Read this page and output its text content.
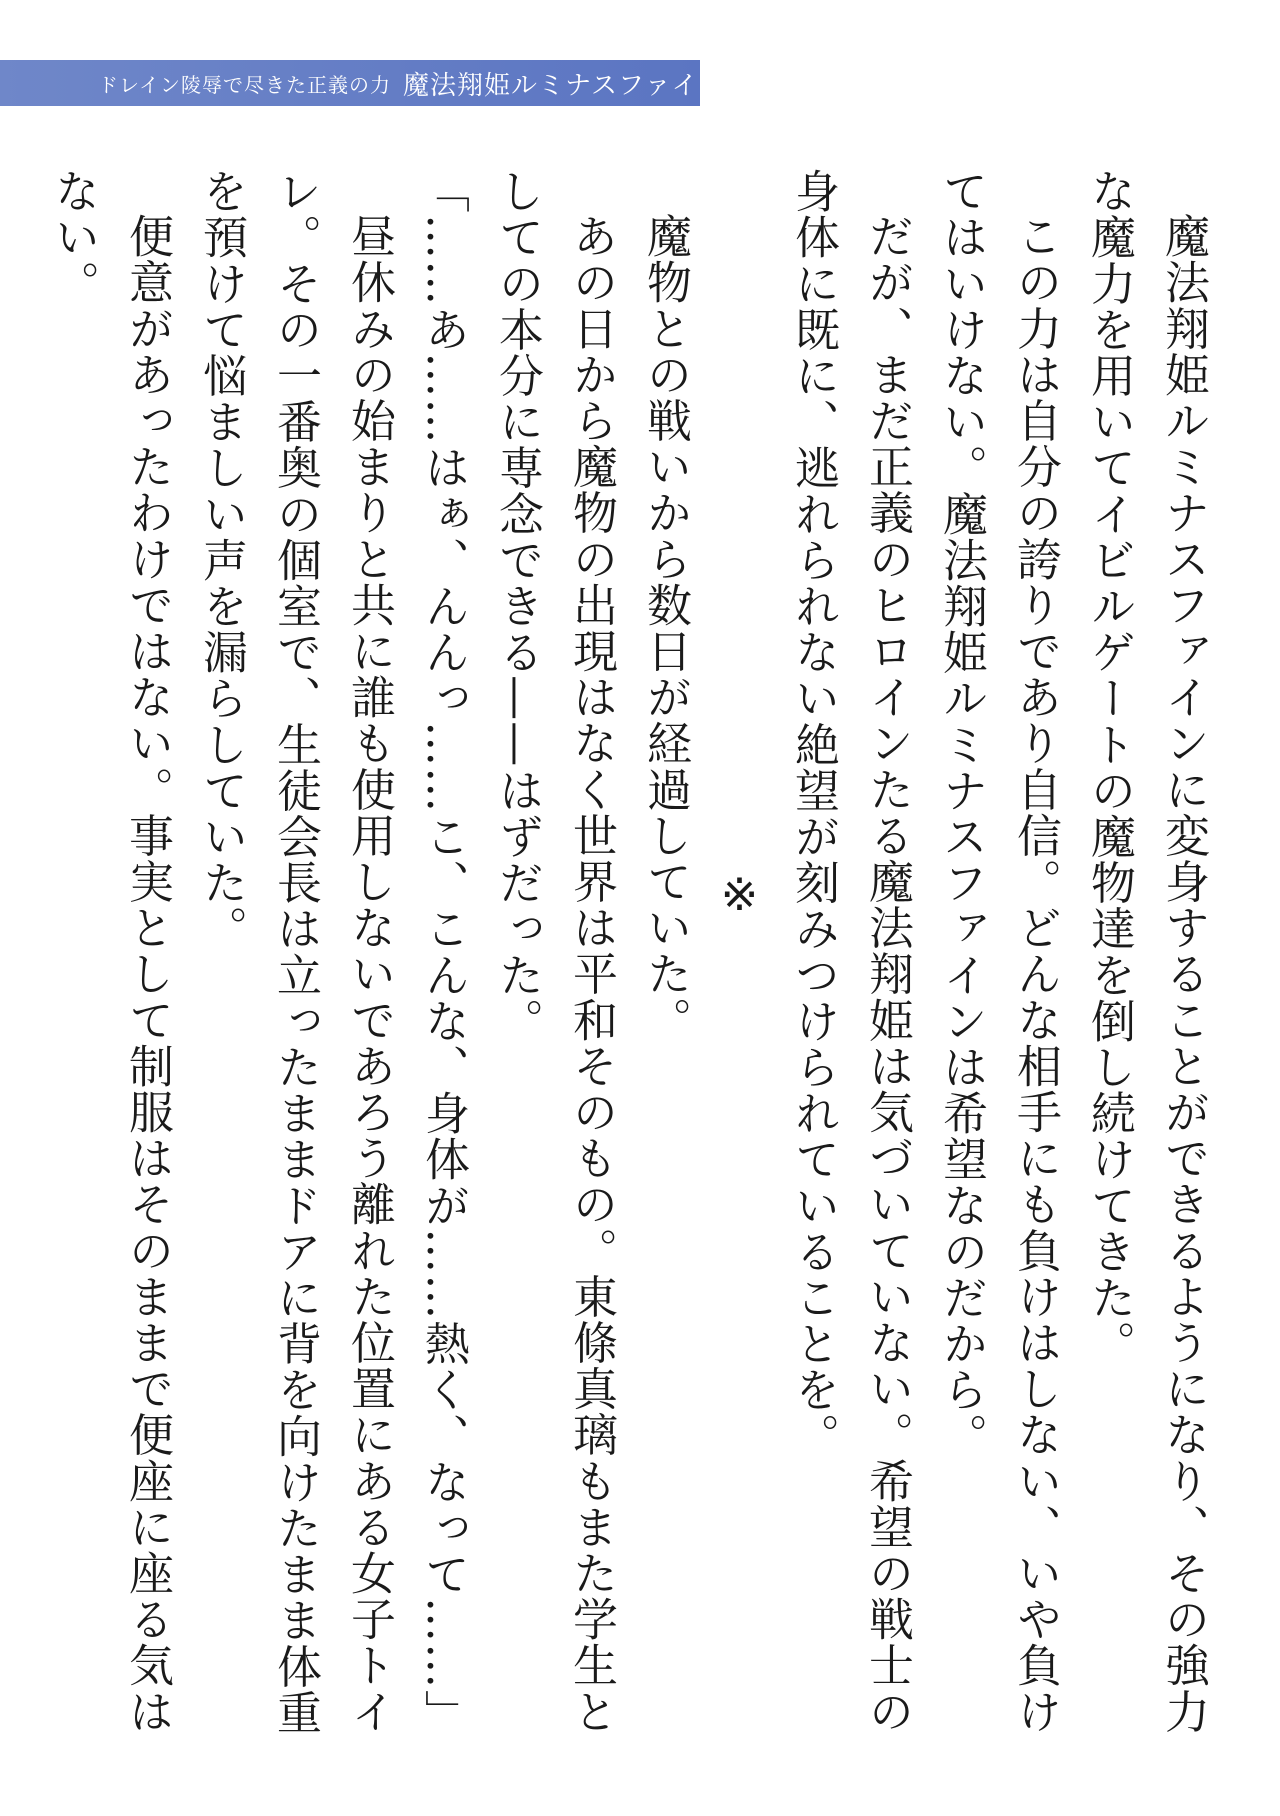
ドレイン陵辱で尽きた正義の力 魔法翔姫ルミナスファイン

魔法翔姫ルミナスファインに変身することができるようになり、その強力な魔力を用いてイビルゲートの魔物達を倒し続けてきた。

この力は自分の誇りであり自信。どんな相手にも負けはしない、いや負けてはいけない。魔法翔姫ルミナスファインは希望なのだから。

だが、まだ正義のヒロインたる魔法翔姫は気づいていない。希望の戦士の身体に既に、逃れられない絶望が刻みつけられていることを。

※

魔物との戦いから数日が経過していた。

あの日から魔物の出現はなく世界は平和そのもの。東條真璃もまた学生としての本分に専念できる——はずだった。

「……あ……はぁ、んんっ……こ、こんな、身体が……熱く、なって……」

昼休みの始まりと共に誰も使用しないであろう離れた位置にある女子トイレ。その一番奥の個室で、生徒会長は立ったままドアに背を向けたまま体重を預けて悩ましい声を漏らしていた。

便意があったわけではない。事実として制服はそのままで便座に座る気はない。
